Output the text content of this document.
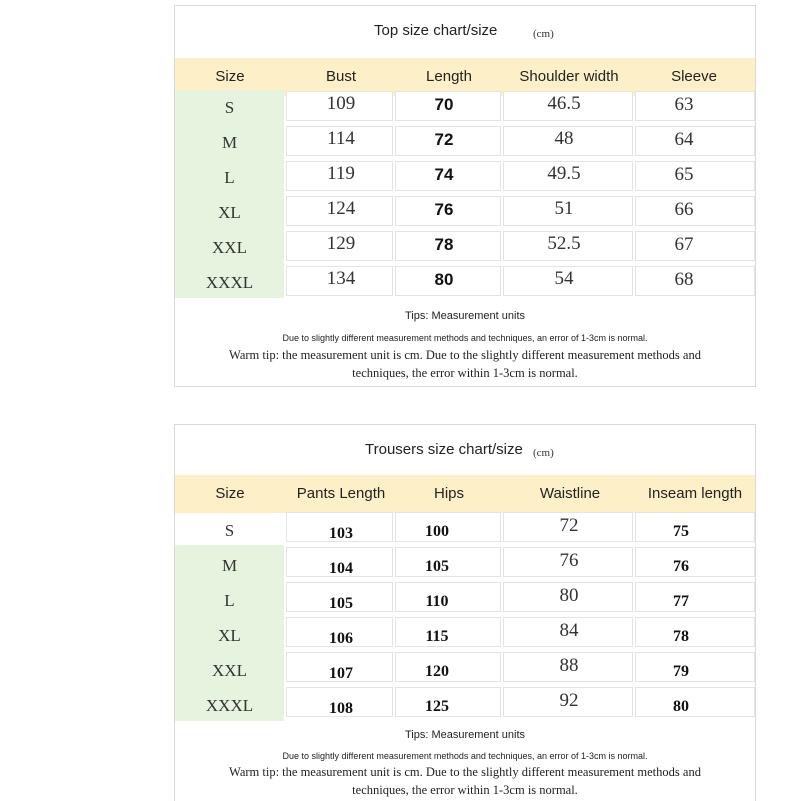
Top size chart/size	(cm)
Size	Bust	Length	Shoulder width	Sleeve
S	109	70	46.5	63
M	114	72	48	64
L	119	74	49.5	65
XL	124	76	51	66
XXL	129	78	52.5	67
XXXL	134	80	54	68
Tips: Measurement units
Due to slightly different measurement methods and techniques, an error of 1-3cm is normal.
Warm tip: the measurement unit is cm. Due to the slightly different measurement methods and
techniques, the error within 1-3cm is normal.
Trousers size chart/size (cm)
Size	Pants Length	Hips	Waistline	Inseam length
S	103	100	72	75
M	104	105	76	76
L	105	110	80	77
XL	106	115	84	78
XXL	107	120	88	79
XXXL	108	125	92	80
Tips: Measurement units
Due to slightly different measurement methods and techniques, an error of 1-3cm is normal.
Warm tip: the measurement unit is cm. Due to the slightly different measurement methods and
techniques, the error within 1-3cm is normal.
